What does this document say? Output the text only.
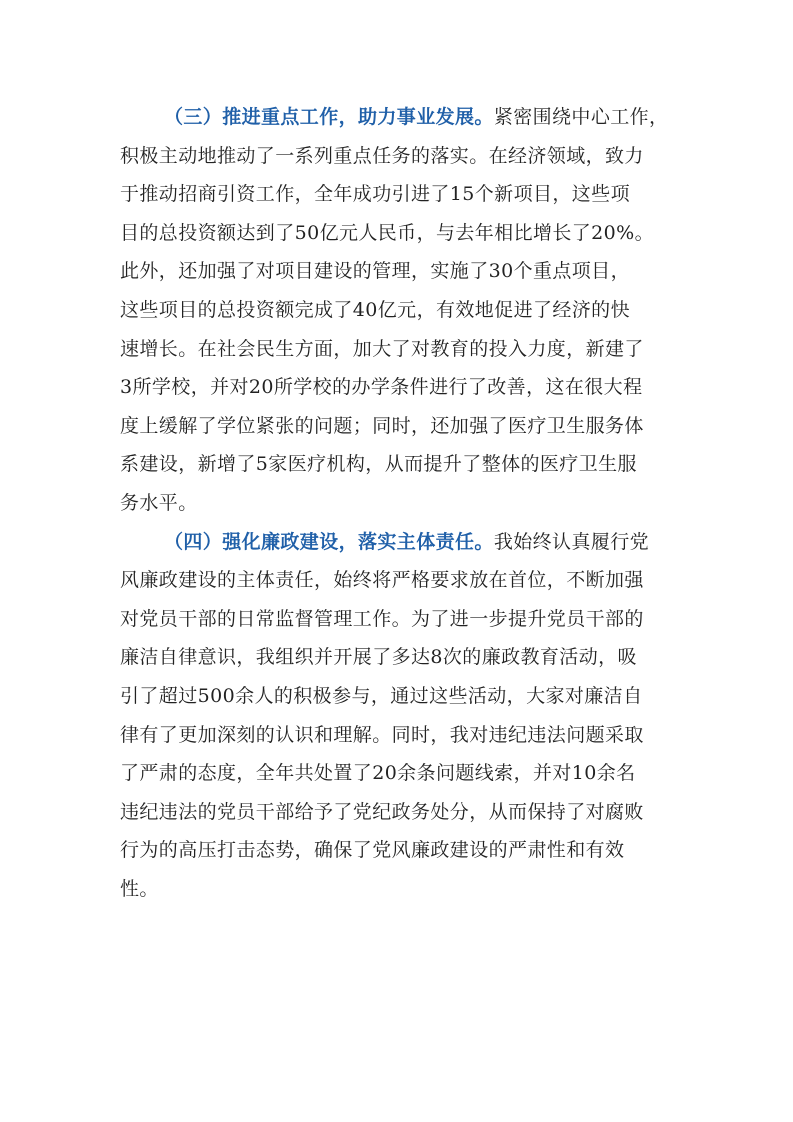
（三）推进重点工作，助力事业发展。紧密围绕中心工作，
积极主动地推动了一系列重点任务的落实。在经济领域，致力
于推动招商引资工作，全年成功引进了15个新项目，这些项
目的总投资额达到了50亿元人民币，与去年相比增长了20%。
此外，还加强了对项目建设的管理，实施了30个重点项目，
这些项目的总投资额完成了40亿元，有效地促进了经济的快
速增长。在社会民生方面，加大了对教育的投入力度，新建了
3所学校，并对20所学校的办学条件进行了改善，这在很大程
度上缓解了学位紧张的问题；同时，还加强了医疗卫生服务体
系建设，新增了5家医疗机构，从而提升了整体的医疗卫生服
务水平。

（四）强化廉政建设，落实主体责任。我始终认真履行党
风廉政建设的主体责任，始终将严格要求放在首位，不断加强
对党员干部的日常监督管理工作。为了进一步提升党员干部的
廉洁自律意识，我组织并开展了多达8次的廉政教育活动，吸
引了超过500余人的积极参与，通过这些活动，大家对廉洁自
律有了更加深刻的认识和理解。同时，我对违纪违法问题采取
了严肃的态度，全年共处置了20余条问题线索，并对10余名
违纪违法的党员干部给予了党纪政务处分，从而保持了对腐败
行为的高压打击态势，确保了党风廉政建设的严肃性和有效
性。
